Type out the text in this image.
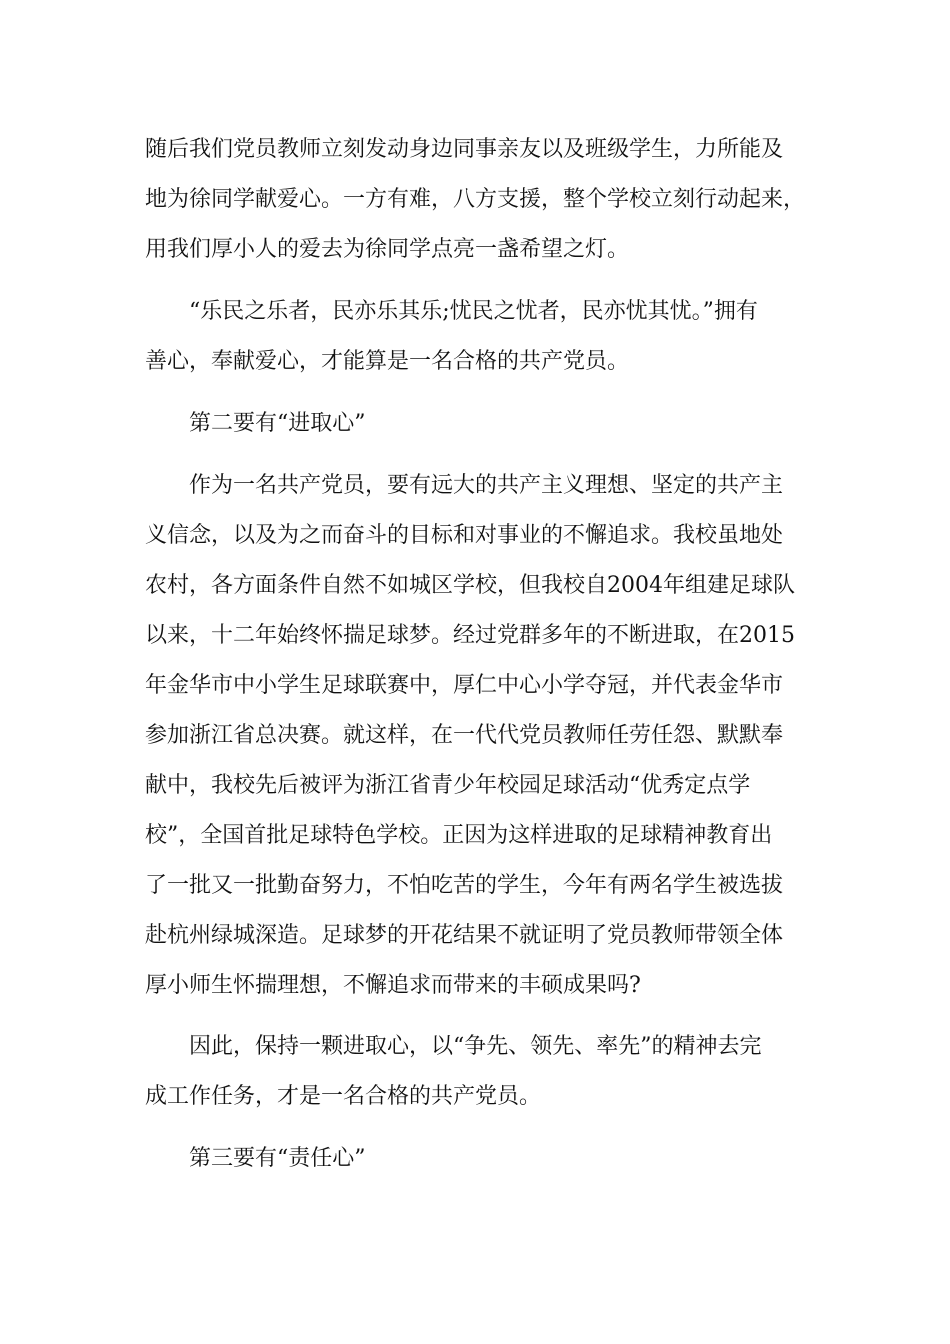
随后我们党员教师立刻发动身边同事亲友以及班级学生，力所能及
地为徐同学献爱心。一方有难，八方支援，整个学校立刻行动起来，
用我们厚小人的爱去为徐同学点亮一盏希望之灯。
“乐民之乐者，民亦乐其乐;忧民之忧者，民亦忧其忧。”拥有
善心，奉献爱心，才能算是一名合格的共产党员。
第二要有“进取心”
作为一名共产党员，要有远大的共产主义理想、坚定的共产主
义信念，以及为之而奋斗的目标和对事业的不懈追求。我校虽地处
农村，各方面条件自然不如城区学校，但我校自2004年组建足球队
以来，十二年始终怀揣足球梦。经过党群多年的不断进取，在2015
年金华市中小学生足球联赛中，厚仁中心小学夺冠，并代表金华市
参加浙江省总决赛。就这样，在一代代党员教师任劳任怨、默默奉
献中，我校先后被评为浙江省青少年校园足球活动“优秀定点学
校”，全国首批足球特色学校。正因为这样进取的足球精神教育出
了一批又一批勤奋努力，不怕吃苦的学生，今年有两名学生被选拔
赴杭州绿城深造。足球梦的开花结果不就证明了党员教师带领全体
厚小师生怀揣理想，不懈追求而带来的丰硕成果吗?
因此，保持一颗进取心，以“争先、领先、率先”的精神去完
成工作任务，才是一名合格的共产党员。
第三要有“责任心”
